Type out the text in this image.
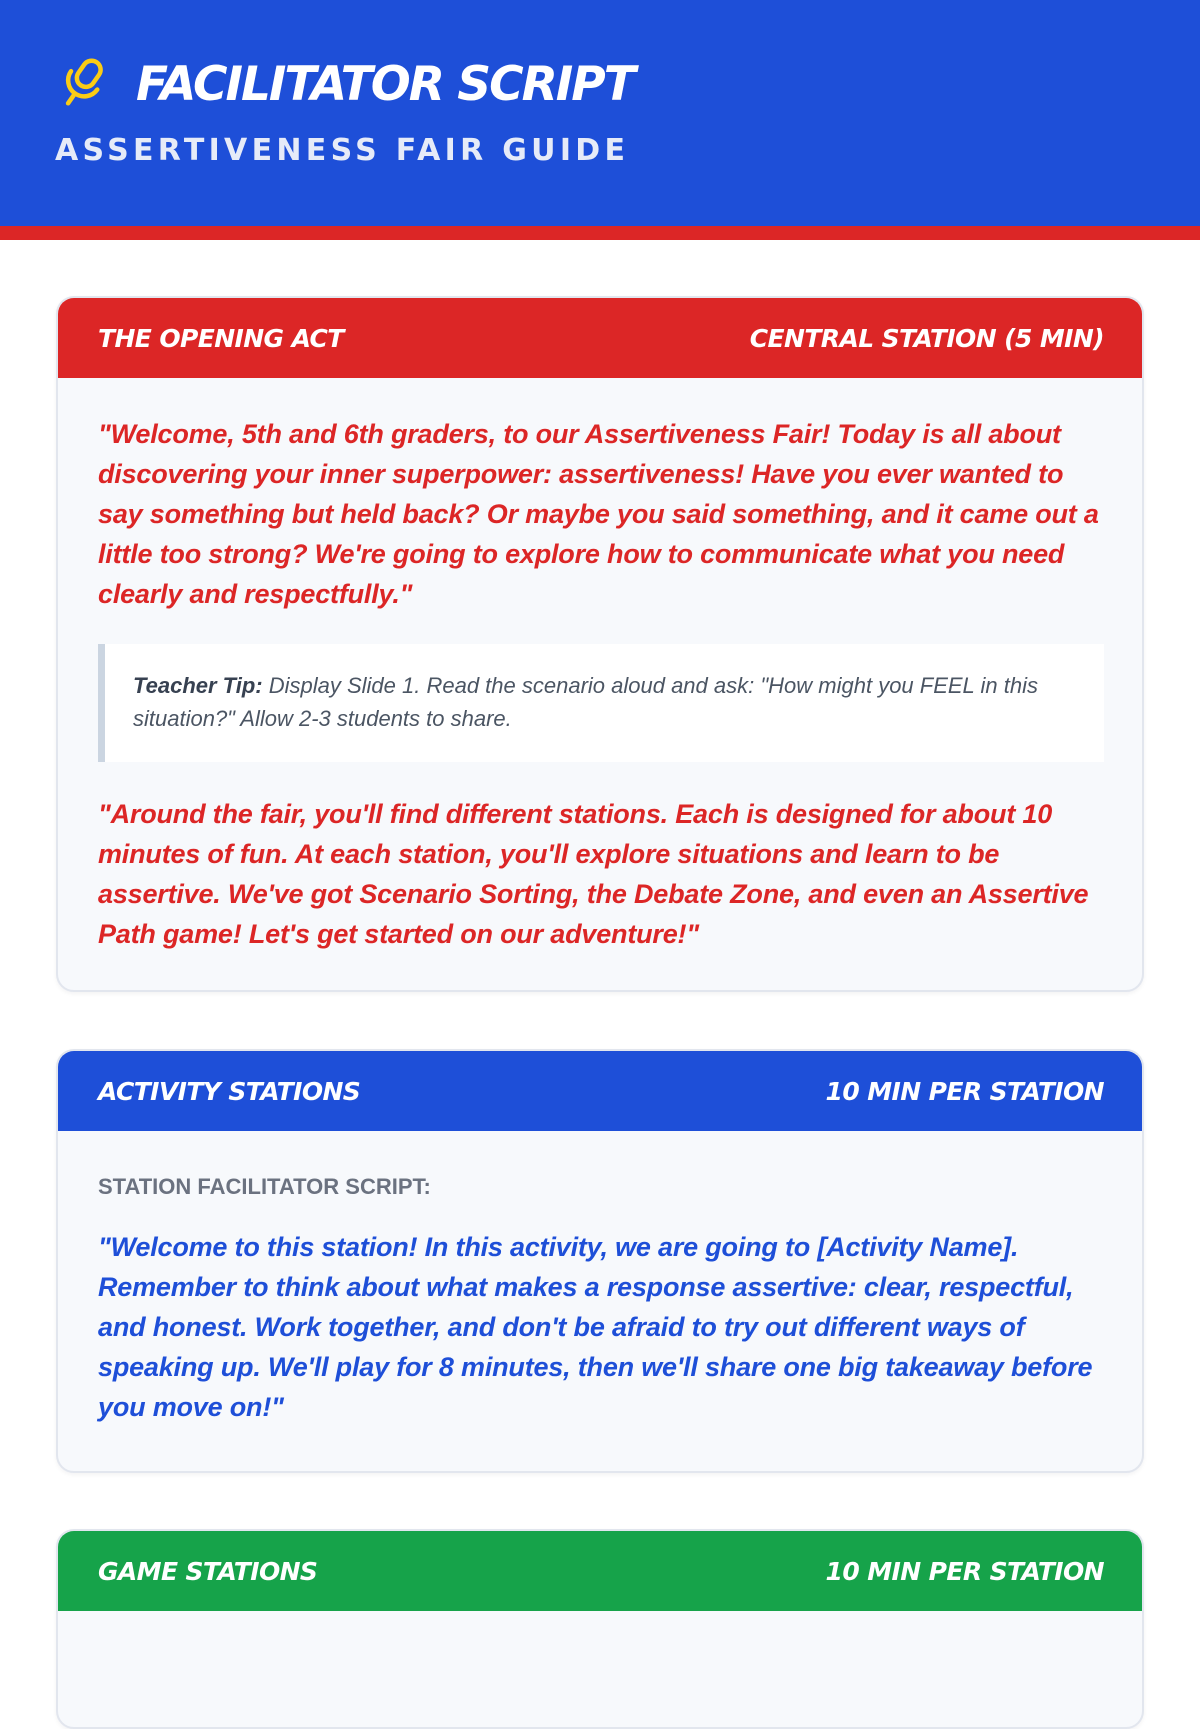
FACILITATOR SCRIPT
ASSERTIVENESS FAIR GUIDE
THE OPENING ACT	CENTRAL STATION (5 MIN)

"Welcome, 5th and 6th graders, to our Assertiveness Fair! Today is all about discovering your inner superpower: assertiveness! Have you ever wanted to say something but held back? Or maybe you said something, and it came out a little too strong? We're going to explore how to communicate what you need clearly and respectfully."

Teacher Tip: Display Slide 1. Read the scenario aloud and ask: "How might you FEEL in this situation?" Allow 2-3 students to share.

"Around the fair, you'll find different stations. Each is designed for about 10 minutes of fun. At each station, you'll explore situations and learn to be assertive. We've got Scenario Sorting, the Debate Zone, and even an Assertive Path game! Let's get started on our adventure!"

ACTIVITY STATIONS	10 MIN PER STATION
STATION FACILITATOR SCRIPT:

"Welcome to this station! In this activity, we are going to [Activity Name]. Remember to think about what makes a response assertive: clear, respectful, and honest. Work together, and don't be afraid to try out different ways of speaking up. We'll play for 8 minutes, then we'll share one big takeaway before you move on!"

GAME STATIONS	10 MIN PER STATION
